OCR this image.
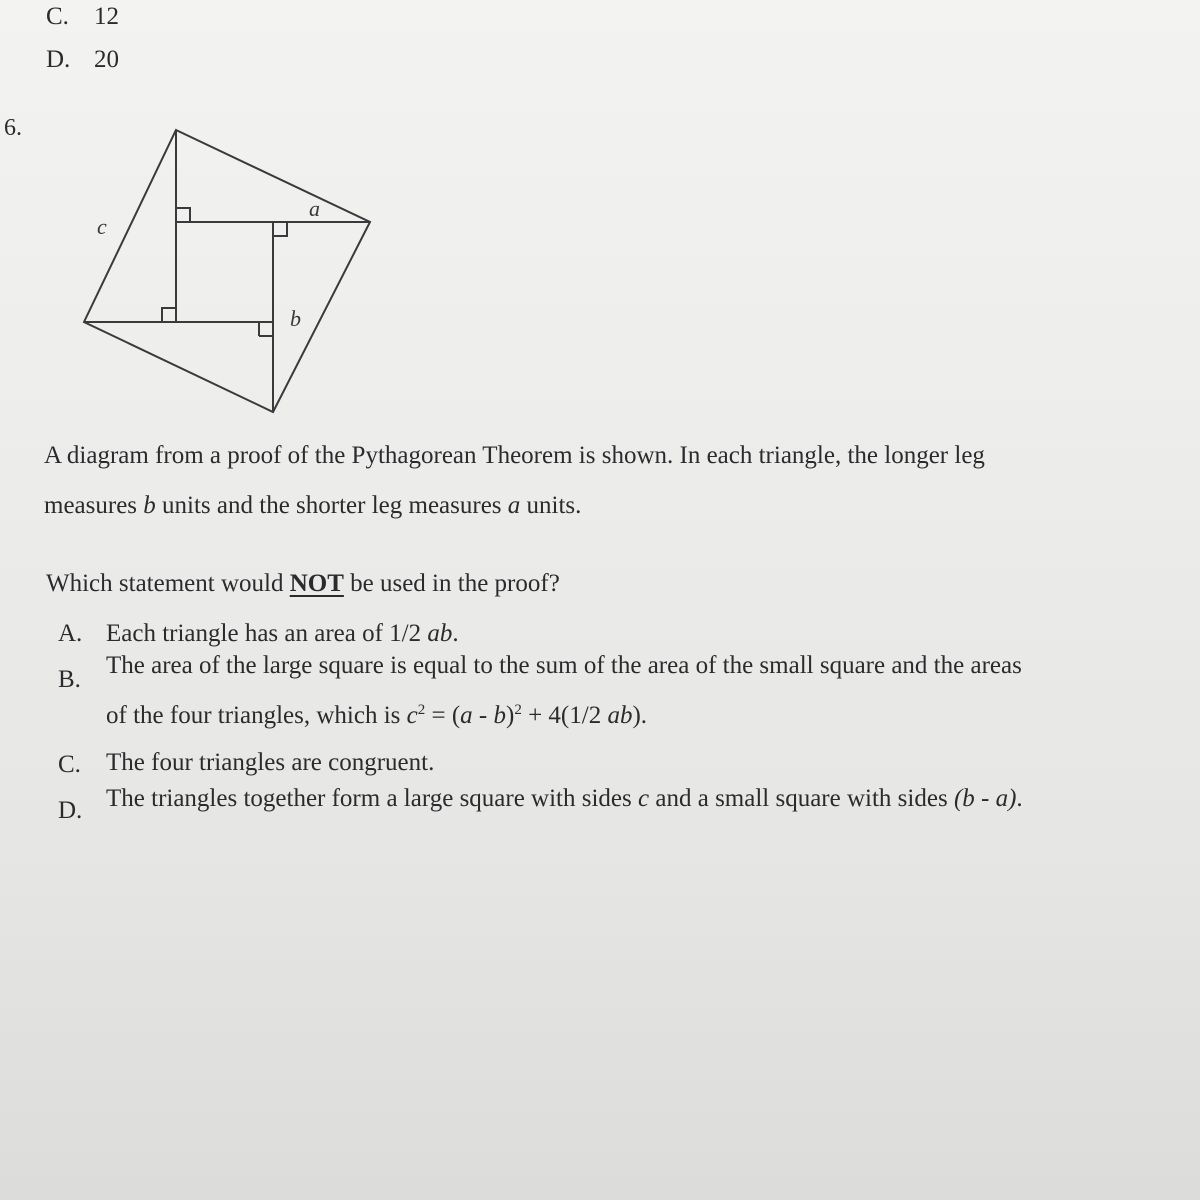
C. 12
D. 20
6.
c
a
b
A diagram from a proof of the Pythagorean Theorem is shown. In each triangle, the longer leg
measures b units and the shorter leg measures a units.
Which statement would NOT be used in the proof?
A. Each triangle has an area of 1/2 ab.
B.
The area of the large square is equal to the sum of the area of the small square and the areas
of the four triangles, which is $c^2 = (a - b)^2 + 4(1/2$ ab).
C. The four triangles are congruent.
D. The triangles together form a large square with sides c and a small square with sides (b - a).
